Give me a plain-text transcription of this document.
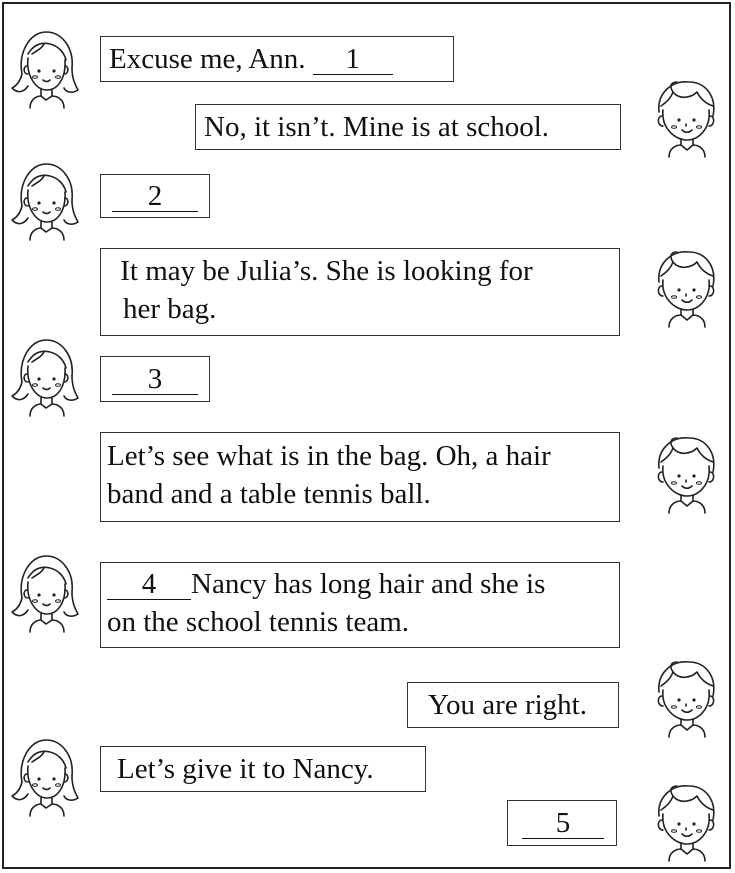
Excuse me, Ann. 1
No, it isn’t. Mine is at school.
2
It may be Julia’s. She is looking for
her bag.
3
Let’s see what is in the bag. Oh, a hair
band and a table tennis ball.
4 Nancy has long hair and she is
on the school tennis team.
You are right.
Let’s give it to Nancy.
5
